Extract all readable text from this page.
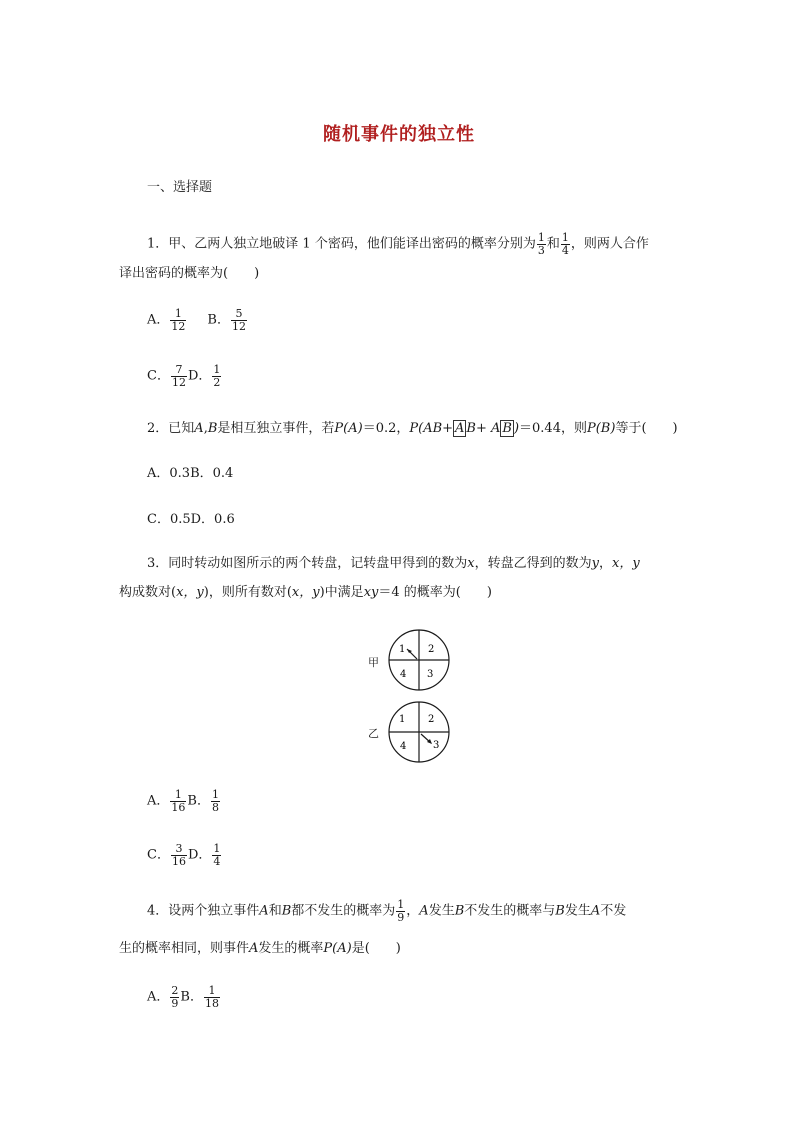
随机事件的独立性
一、选择题
1．甲、乙两人独立地破译 1 个密码，他们能译出密码的概率分别为 $\frac{1}{3}$ 和 $\frac{1}{4}$ ，则两人合作
译出密码的概率为(　　)
A． $\frac{1}{12}$ B． $\frac{5}{12}$
C． $\frac{7}{12}$ D． $\frac{1}{2}$
2．已知A,B是相互独立事件，若P(A)＝0.2，P(AB+ A B+ A B )＝0.44，则P(B)等于(　　)
A．0.3B．0.4
C．0.5D．0.6
3．同时转动如图所示的两个转盘，记转盘甲得到的数为x，转盘乙得到的数为y，x，y
构成数对(x，y)，则所有数对(x，y)中满足xy＝4 的概率为(　　)
甲
1 2
4 3
乙
1 2
4	3
A． $\frac{1}{16}$ B． $\frac{1}{8}$
C． $\frac{3}{16}$ D． $\frac{1}{4}$
4．设两个独立事件A和B都不发生的概率为 $\frac{1}{9}$ ，A发生B不发生的概率与B发生A不发
生的概率相同，则事件A发生的概率P(A)是(　　)
A． $\frac{2}{9}$ B． $\frac{1}{18}$
